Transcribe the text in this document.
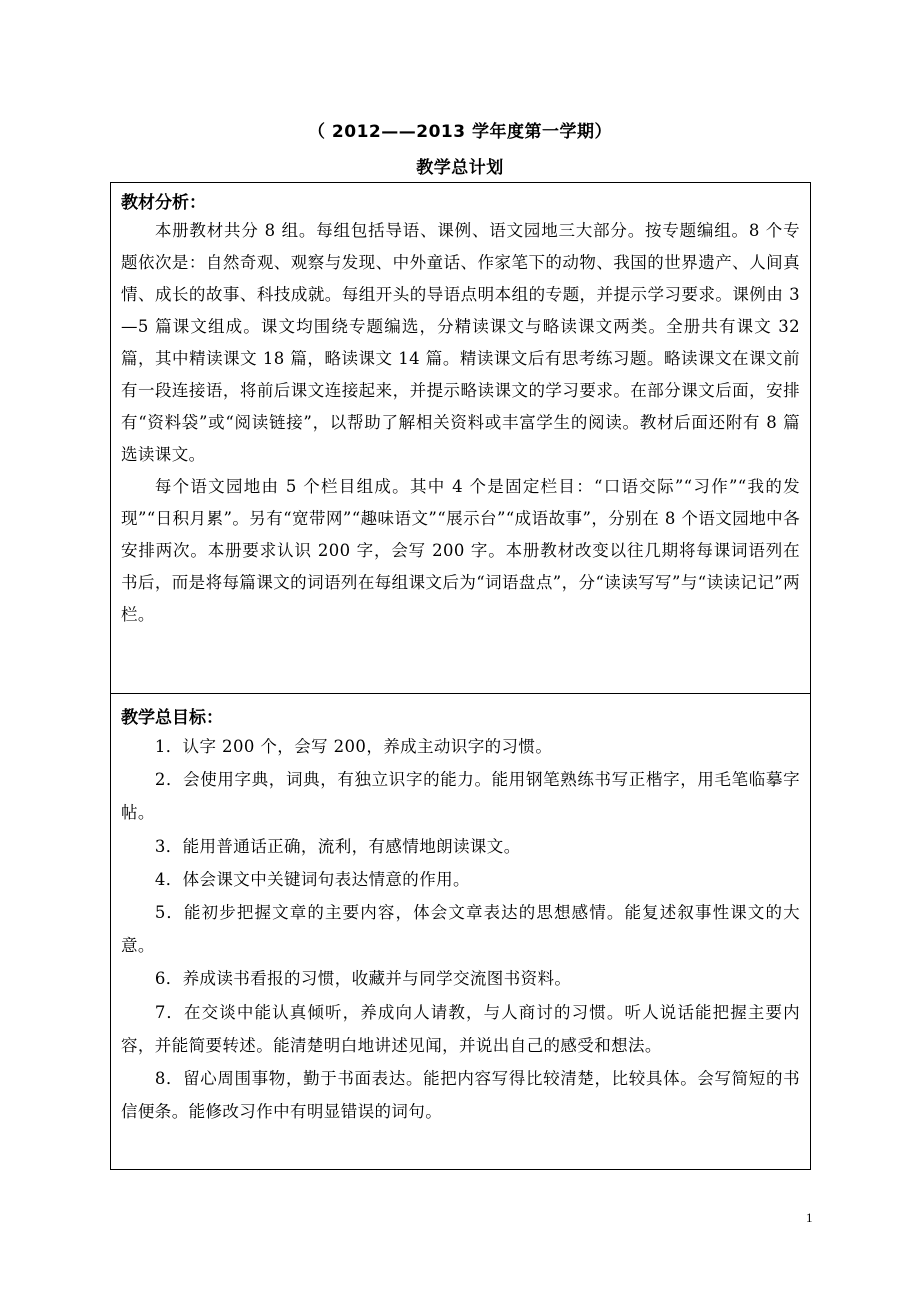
（ 2012——2013 学年度第一学期）
教学总计划
教材分析：

本册教材共分 8 组。每组包括导语、课例、语文园地三大部分。按专题编组。8 个专题依次是：自然奇观、观察与发现、中外童话、作家笔下的动物、我国的世界遗产、人间真情、成长的故事、科技成就。每组开头的导语点明本组的专题，并提示学习要求。课例由 3—5 篇课文组成。课文均围绕专题编选，分精读课文与略读课文两类。全册共有课文 32 篇，其中精读课文 18 篇，略读课文 14 篇。精读课文后有思考练习题。略读课文在课文前有一段连接语，将前后课文连接起来，并提示略读课文的学习要求。在部分课文后面，安排有“资料袋”或“阅读链接”，以帮助了解相关资料或丰富学生的阅读。教材后面还附有 8 篇选读课文。

每个语文园地由 5 个栏目组成。其中 4 个是固定栏目：“口语交际”“习作”“我的发现”“日积月累”。另有“宽带网”“趣味语文”“展示台”“成语故事”，分别在 8 个语文园地中各安排两次。本册要求认识 200 字，会写 200 字。本册教材改变以往几期将每课词语列在书后，而是将每篇课文的词语列在每组课文后为“词语盘点”，分“读读写写”与“读读记记”两栏。

教学总目标：

1．认字 200 个，会写 200，养成主动识字的习惯。

2．会使用字典，词典，有独立识字的能力。能用钢笔熟练书写正楷字，用毛笔临摹字帖。

3．能用普通话正确，流利，有感情地朗读课文。

4．体会课文中关键词句表达情意的作用。

5．能初步把握文章的主要内容，体会文章表达的思想感情。能复述叙事性课文的大意。

6．养成读书看报的习惯，收藏并与同学交流图书资料。

7．在交谈中能认真倾听，养成向人请教，与人商讨的习惯。听人说话能把握主要内容，并能简要转述。能清楚明白地讲述见闻，并说出自己的感受和想法。

8．留心周围事物，勤于书面表达。能把内容写得比较清楚，比较具体。会写简短的书信便条。能修改习作中有明显错误的词句。

1
